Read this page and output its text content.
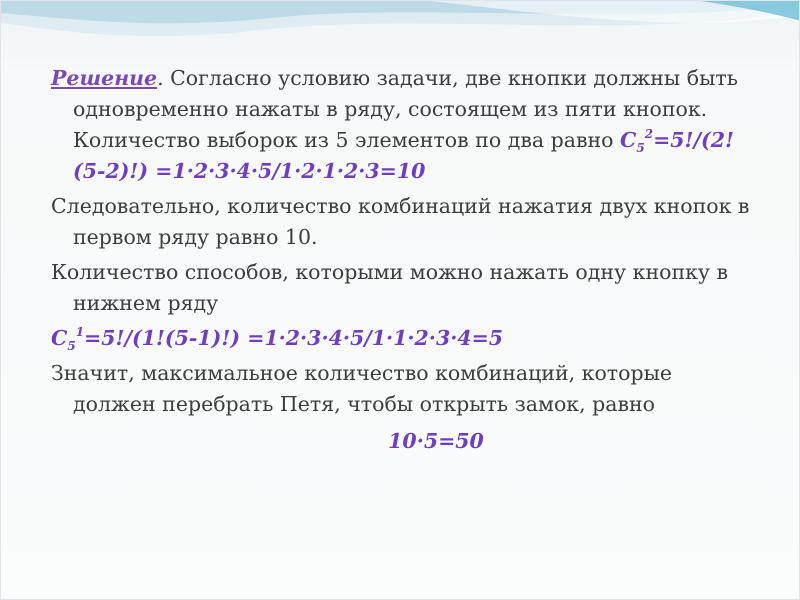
Решение. Согласно условию задачи, две кнопки должны быть одновременно нажаты в ряду, состоящем из пяти кнопок. Количество выборок из 5 элементов по два равно $C_5^2=5!/(2!(5-2)!) =1\cdot 2\cdot 3\cdot 4\cdot 5/1\cdot 2\cdot 1\cdot 2\cdot 3=10$

Следовательно, количество комбинаций нажатия двух кнопок в первом ряду равно 10.

Количество способов, которыми можно нажать одну кнопку в нижнем ряду

$C_5^1=5!/(1!(5-1)!) =1\cdot 2\cdot 3\cdot 4\cdot 5/1\cdot 1\cdot 2\cdot 3\cdot 4=5$

Значит, максимальное количество комбинаций, которые должен перебрать Петя, чтобы открыть замок, равно

10·5=50
